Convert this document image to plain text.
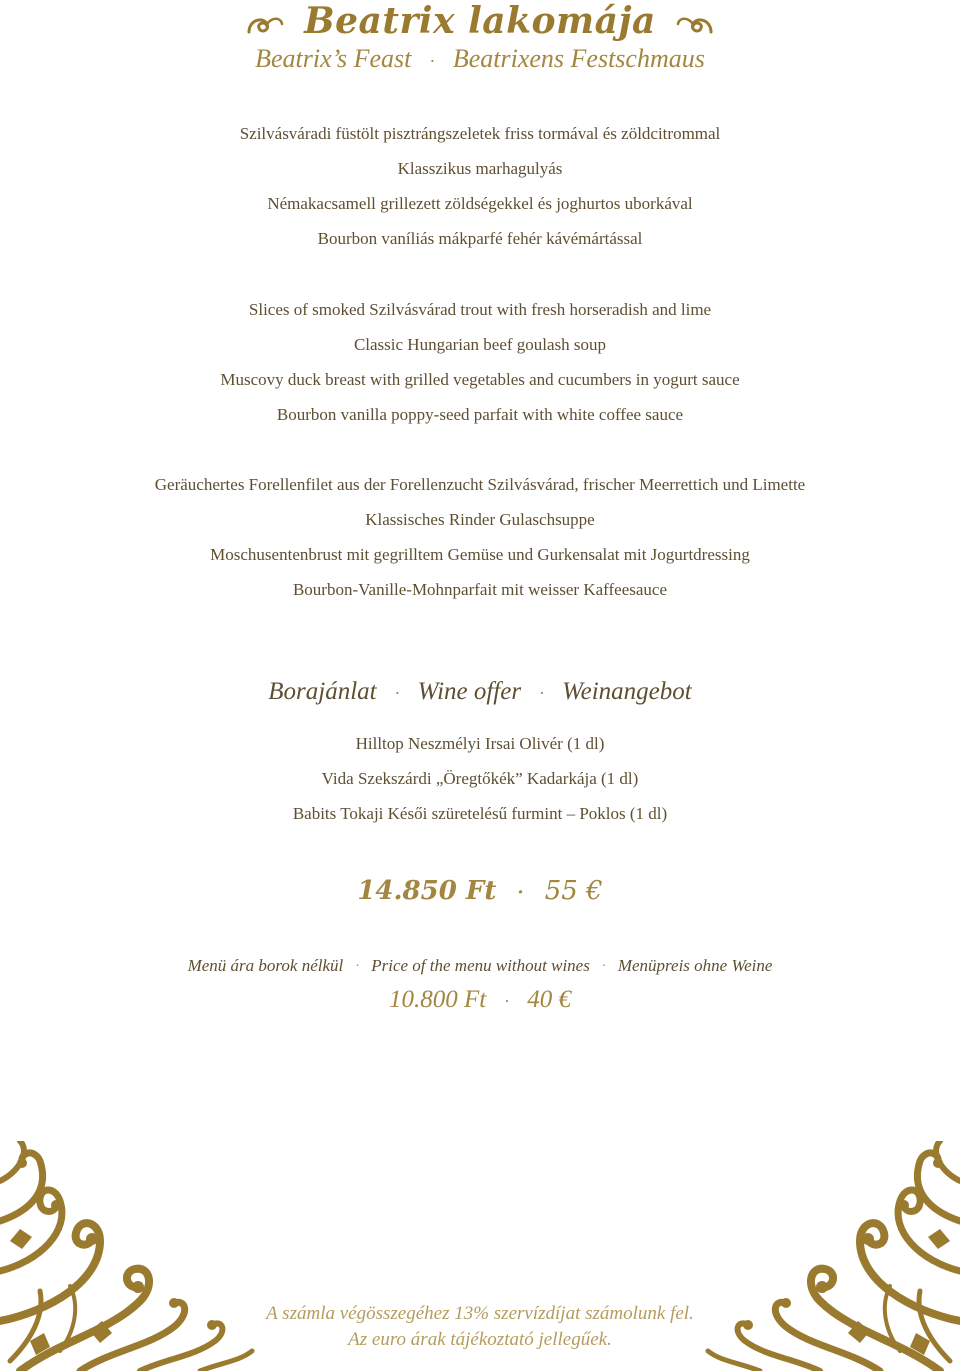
Beatrix lakomája
Beatrix’s Feast · Beatrixens Festschmaus
Szilvásváradi füstölt pisztrángszeletek friss tormával és zöldcitrommal
Klasszikus marhagulyás
Némakacsamell grillezett zöldségekkel és joghurtos uborkával
Bourbon vaníliás mákparfé fehér kávémártással
Slices of smoked Szilvásvárad trout with fresh horseradish and lime
Classic Hungarian beef goulash soup
Muscovy duck breast with grilled vegetables and cucumbers in yogurt sauce
Bourbon vanilla poppy-seed parfait with white coffee sauce
Geräuchertes Forellenfilet aus der Forellenzucht Szilvásvárad, frischer Meerrettich und Limette
Klassisches Rinder Gulaschsuppe
Moschusentenbrust mit gegrilltem Gemüse und Gurkensalat mit Jogurtdressing
Bourbon-Vanille-Mohnparfait mit weisser Kaffeesauce
Borajánlat · Wine offer · Weinangebot
Hilltop Neszmélyi Irsai Olivér (1 dl)
Vida Szekszárdi „Öregtőkék” Kadarkája (1 dl)
Babits Tokaji Késői szüretelésű furmint – Poklos (1 dl)
14.850 Ft · 55 €
Menü ára borok nélkül · Price of the menu without wines · Menüpreis ohne Weine
10.800 Ft · 40 €
A számla végösszegéhez 13% szervízdíjat számolunk fel.
Az euro árak tájékoztató jellegűek.
